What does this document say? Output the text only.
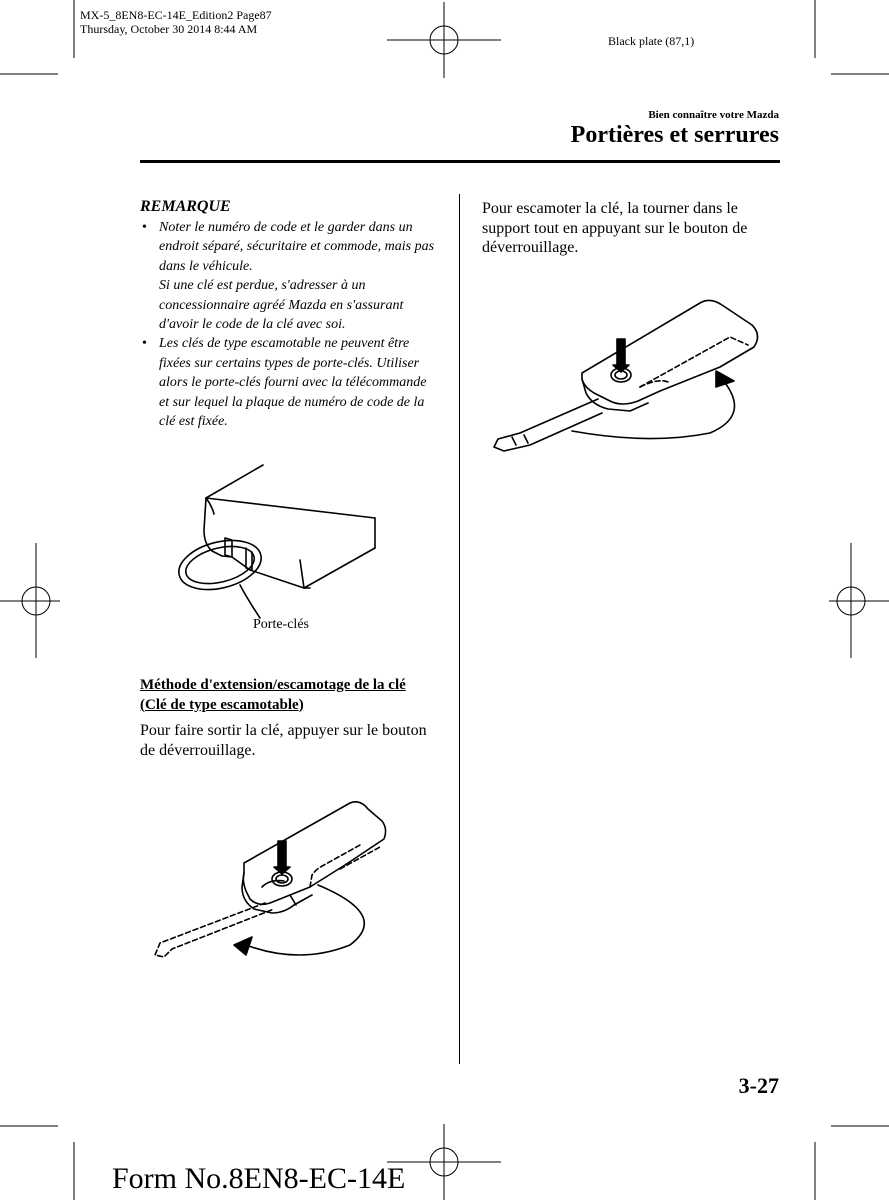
MX-5_8EN8-EC-14E_Edition2 Page87
Thursday, October 30 2014 8:44 AM
Black plate (87,1)
Bien connaître votre Mazda
Portières et serrures
REMARQUE
• Noter le numéro de code et le garder dans un endroit séparé, sécuritaire et commode, mais pas dans le véhicule.
Si une clé est perdue, s'adresser à un concessionnaire agréé Mazda en s'assurant d'avoir le code de la clé avec soi.
• Les clés de type escamotable ne peuvent être fixées sur certains types de porte-clés. Utiliser alors le porte-clés fourni avec la télécommande et sur lequel la plaque de numéro de code de la clé est fixée.
Porte-clés
Méthode d'extension/escamotage de la clé (Clé de type escamotable)
Pour faire sortir la clé, appuyer sur le bouton de déverrouillage.
Pour escamoter la clé, la tourner dans le support tout en appuyant sur le bouton de déverrouillage.
3-27
Form No.8EN8-EC-14E
